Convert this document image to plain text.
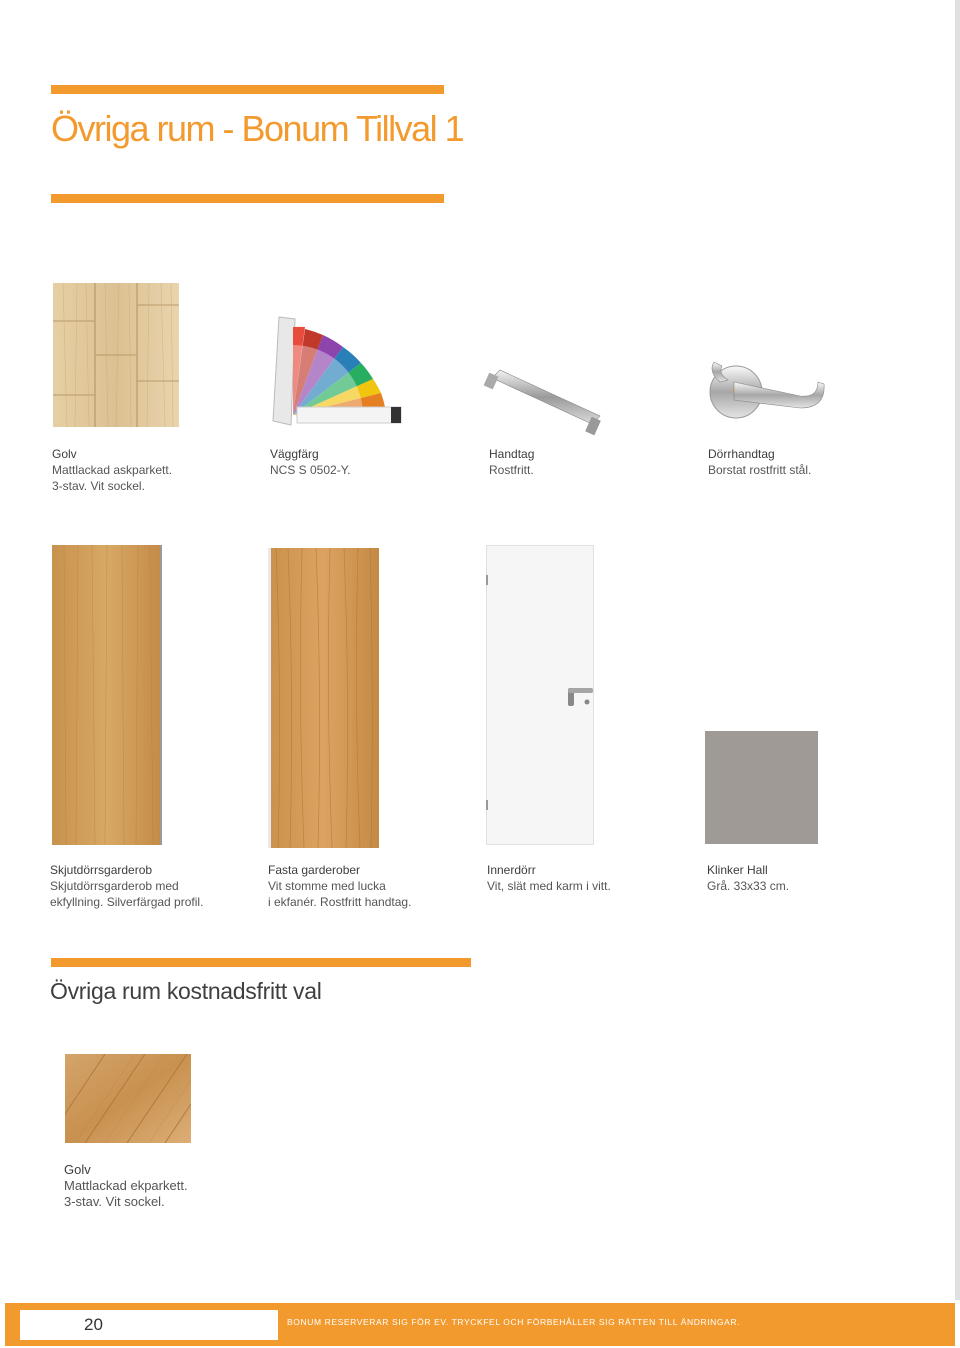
Övriga rum - Bonum Tillval 1
Golv
Mattlackad askparkett.
3-stav. Vit sockel.
Väggfärg
NCS S 0502-Y.
Handtag
Rostfritt.
Dörrhandtag
Borstat rostfritt stål.
Skjutdörrsgarderob
Skjutdörrsgarderob med
ekfyllning. Silverfärgad profil.
Fasta garderober
Vit stomme med lucka
i ekfanér. Rostfritt handtag.
Innerdörr
Vit, slät med karm i vitt.
Klinker Hall
Grå. 33x33 cm.
Övriga rum kostnadsfritt val
Golv
Mattlackad ekparkett.
3-stav. Vit sockel.
20	BONUM RESERVERAR SIG FÖR EV. TRYCKFEL OCH FÖRBEHÅLLER SIG RÄTTEN TILL ÄNDRINGAR.
